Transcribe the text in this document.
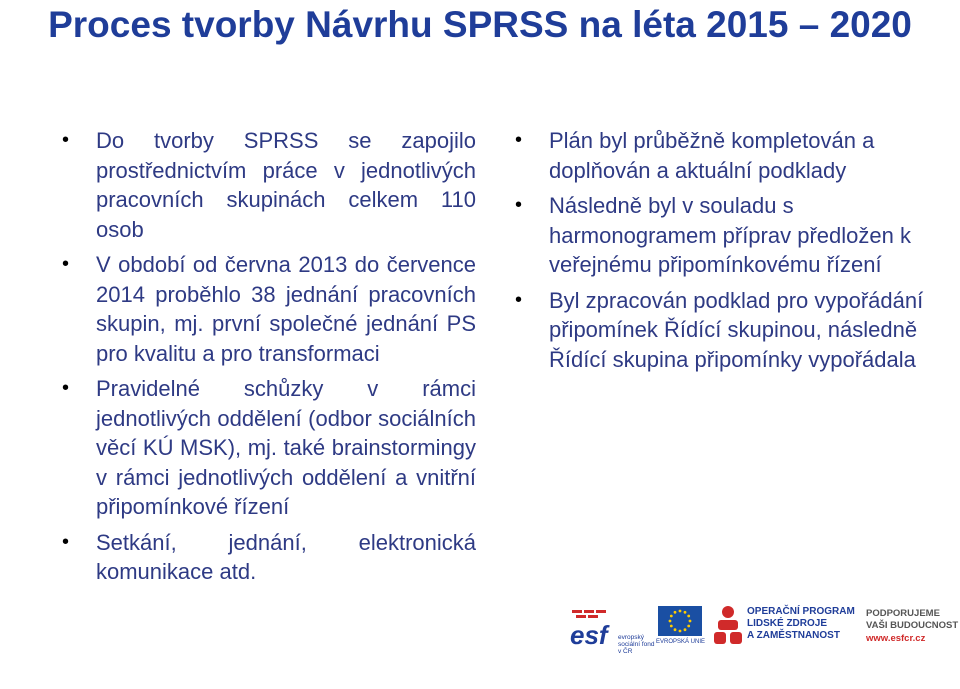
Proces tvorby Návrhu SPRSS na léta 2015 – 2020
• Do tvorby SPRSS se zapojilo prostřednictvím práce v jednotlivých pracovních skupinách celkem 110 osob
• V období od června 2013 do července 2014 proběhlo 38 jednání pracovních skupin, mj. první společné jednání PS pro kvalitu a pro transformaci
• Pravidelné schůzky v rámci jednotlivých oddělení (odbor sociálních věcí KÚ MSK), mj. také brainstormingy v rámci jednotlivých oddělení a vnitřní připomínkové řízení
• Setkání, jednání, elektronická komunikace atd.
• Plán byl průběžně kompletován a doplňován a aktuální podklady
• Následně byl v souladu s harmonogramem příprav předložen k veřejnému připomínkovému řízení
• Byl zpracován podklad pro vypořádání připomínek Řídící skupinou, následně Řídící skupina připomínky vypořádala
esf	evropský sociální fond v ČR
EVROPSKÁ UNIE
OPERAČNÍ PROGRAM
LIDSKÉ ZDROJE
A ZAMĚSTNANOST
PODPORUJEME
VAŠI BUDOUCNOST
www.esfcr.cz
